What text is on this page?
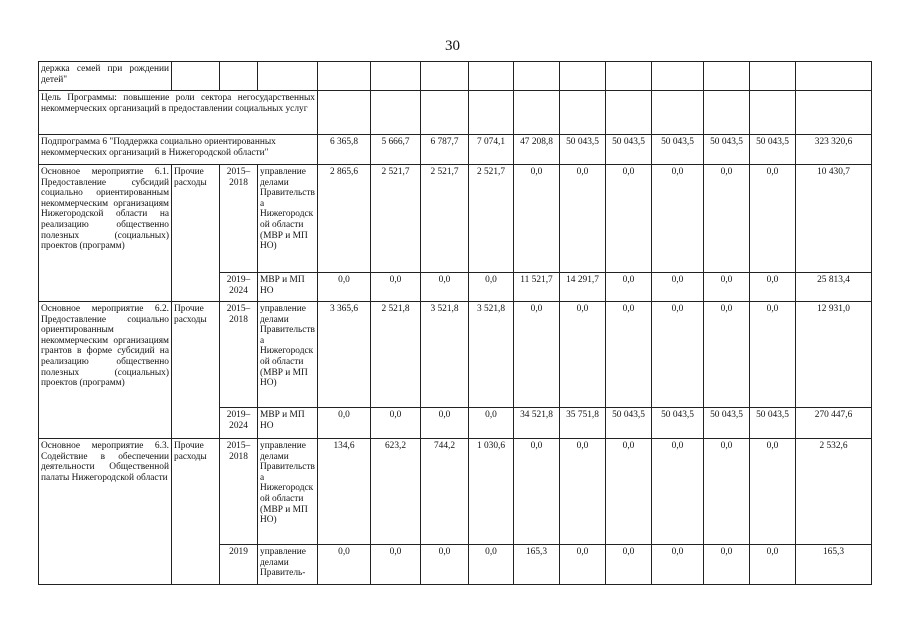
30
держка семей при рождении детей"														
Цель Программы: повышение роли сектора негосударственных некоммерческих организаций в предоставлении социальных услуг														
Подпрограмма 6 "Поддержка социально ориентированных некоммерческих организаций в Нижегородской области"				6 365,8	5 666,7	6 787,7	7 074,1	47 208,8	50 043,5	50 043,5	50 043,5	50 043,5	50 043,5	323 320,6
Основное мероприятие 6.1. Предоставление субсидий социально ориентированным некоммерческим организациям Нижегородской области на реализацию общественно полезных (социальных) проектов (программ)	Прочие расходы	2015–2018	управление делами Правительства Нижегородской области (МВР и МП НО)	2 865,6	2 521,7	2 521,7	2 521,7	0,0	0,0	0,0	0,0	0,0	0,0	10 430,7
		2019–2024	МВР и МП НО	0,0	0,0	0,0	0,0	11 521,7	14 291,7	0,0	0,0	0,0	0,0	25 813,4
Основное мероприятие 6.2. Предоставление социально ориентированным некоммерческим организациям грантов в форме субсидий на реализацию общественно полезных (социальных) проектов (программ)	Прочие расходы	2015–2018	управление делами Правительства Нижегородской области (МВР и МП НО)	3 365,6	2 521,8	3 521,8	3 521,8	0,0	0,0	0,0	0,0	0,0	0,0	12 931,0
		2019–2024	МВР и МП НО	0,0	0,0	0,0	0,0	34 521,8	35 751,8	50 043,5	50 043,5	50 043,5	50 043,5	270 447,6
Основное мероприятие 6.3. Содействие в обеспечении деятельности Общественной палаты Нижегородской области	Прочие расходы	2015–2018	управление делами Правительства Нижегородской области (МВР и МП НО)	134,6	623,2	744,2	1 030,6	0,0	0,0	0,0	0,0	0,0	0,0	2 532,6
		2019	управление делами Правитель-	0,0	0,0	0,0	0,0	165,3	0,0	0,0	0,0	0,0	0,0	165,3
